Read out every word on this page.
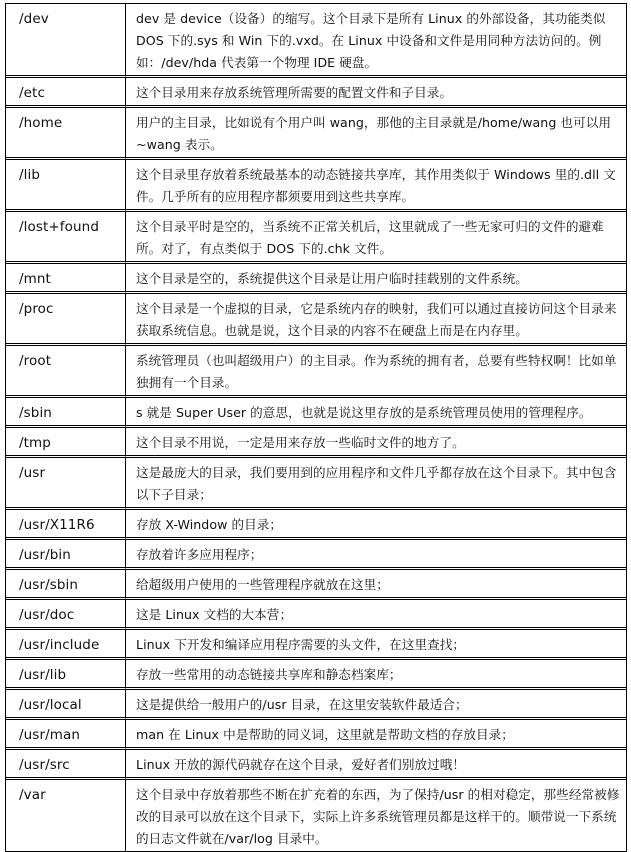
/dev	dev 是 device（设备）的缩写。这个目录下是所有 Linux 的外部设备，其功能类似 DOS 下的.sys 和 Win 下的.vxd。在 Linux 中设备和文件是用同种方法访问的。例如：/dev/hda 代表第一个物理 IDE 硬盘。
/etc	这个目录用来存放系统管理所需要的配置文件和子目录。
/home	用户的主目录，比如说有个用户叫 wang，那他的主目录就是/home/wang 也可以用~wang 表示。
/lib	这个目录里存放着系统最基本的动态链接共享库，其作用类似于 Windows 里的.dll 文件。几乎所有的应用程序都须要用到这些共享库。
/lost+found	这个目录平时是空的，当系统不正常关机后，这里就成了一些无家可归的文件的避难所。对了，有点类似于 DOS 下的.chk 文件。
/mnt	这个目录是空的，系统提供这个目录是让用户临时挂载别的文件系统。
/proc	这个目录是一个虚拟的目录，它是系统内存的映射，我们可以通过直接访问这个目录来获取系统信息。也就是说，这个目录的内容不在硬盘上而是在内存里。
/root	系统管理员（也叫超级用户）的主目录。作为系统的拥有者，总要有些特权啊！比如单独拥有一个目录。
/sbin	s 就是 Super User 的意思，也就是说这里存放的是系统管理员使用的管理程序。
/tmp	这个目录不用说，一定是用来存放一些临时文件的地方了。
/usr	这是最庞大的目录，我们要用到的应用程序和文件几乎都存放在这个目录下。其中包含以下子目录；
/usr/X11R6	存放 X-Window 的目录；
/usr/bin	存放着许多应用程序；
/usr/sbin	给超级用户使用的一些管理程序就放在这里；
/usr/doc	这是 Linux 文档的大本营；
/usr/include	Linux 下开发和编译应用程序需要的头文件，在这里查找；
/usr/lib	存放一些常用的动态链接共享库和静态档案库；
/usr/local	这是提供给一般用户的/usr 目录，在这里安装软件最适合；
/usr/man	man 在 Linux 中是帮助的同义词，这里就是帮助文档的存放目录；
/usr/src	Linux 开放的源代码就存在这个目录，爱好者们别放过哦！
/var	这个目录中存放着那些不断在扩充着的东西，为了保持/usr 的相对稳定，那些经常被修改的目录可以放在这个目录下，实际上许多系统管理员都是这样干的。顺带说一下系统的日志文件就在/var/log 目录中。
